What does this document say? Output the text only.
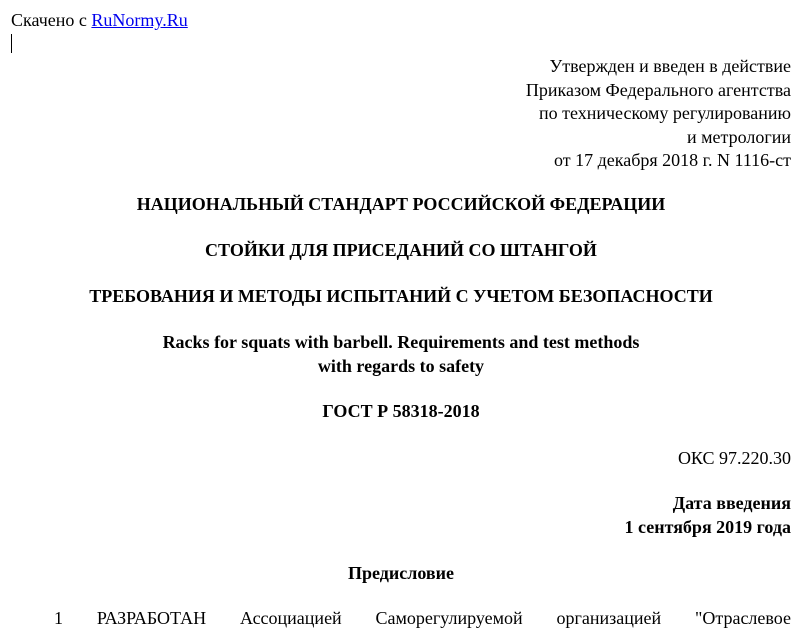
Скачено с RuNormy.Ru
Утвержден и введен в действие
Приказом Федерального агентства
по техническому регулированию
и метрологии
от 17 декабря 2018 г. N 1116-ст
НАЦИОНАЛЬНЫЙ СТАНДАРТ РОССИЙСКОЙ ФЕДЕРАЦИИ
СТОЙКИ ДЛЯ ПРИСЕДАНИЙ СО ШТАНГОЙ
ТРЕБОВАНИЯ И МЕТОДЫ ИСПЫТАНИЙ С УЧЕТОМ БЕЗОПАСНОСТИ
Racks for squats with barbell. Requirements and test methods
with regards to safety
ГОСТ Р 58318-2018
ОКС 97.220.30
Дата введения
1 сентября 2019 года
Предисловие
1 РАЗРАБОТАН Ассоциацией Саморегулируемой организацией "Отраслевое
